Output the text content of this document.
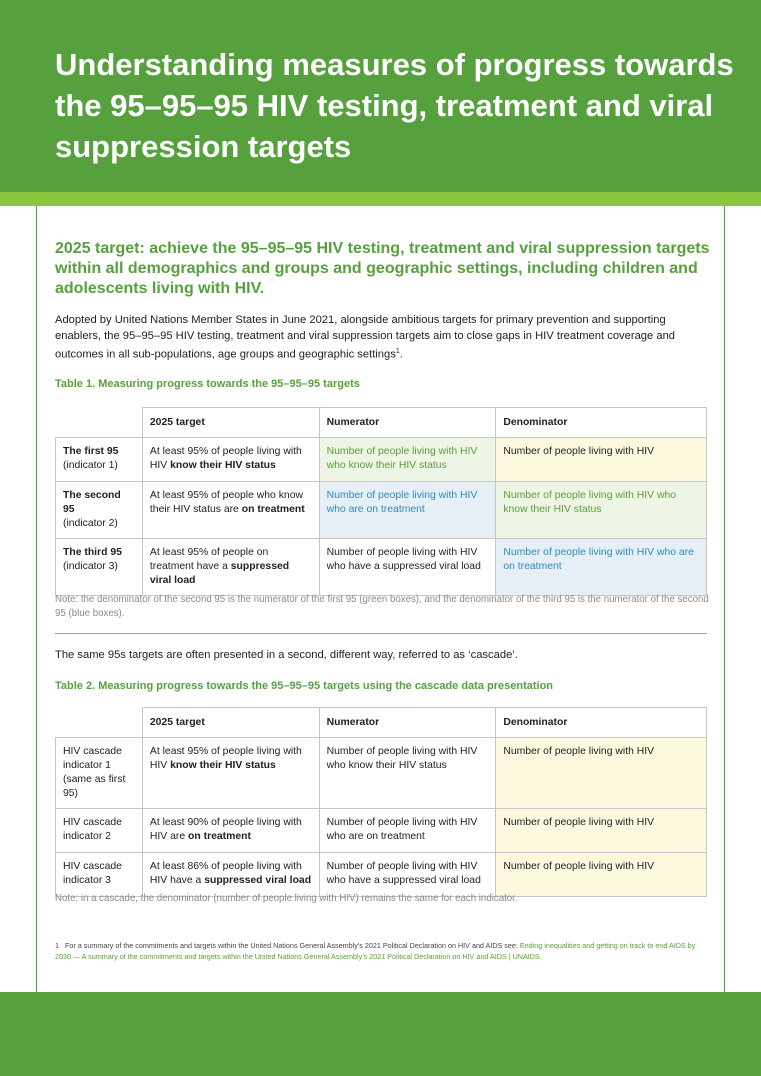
Understanding measures of progress towards the 95–95–95 HIV testing, treatment and viral suppression targets
2025 target: achieve the 95–95–95 HIV testing, treatment and viral suppression targets within all demographics and groups and geographic settings, including children and adolescents living with HIV.

Adopted by United Nations Member States in June 2021, alongside ambitious targets for primary prevention and supporting enablers, the 95–95–95 HIV testing, treatment and viral suppression targets aim to close gaps in HIV treatment coverage and outcomes in all sub-populations, age groups and geographic settings$^1$.

Table 1. Measuring progress towards the 95–95–95 targets
	2025 target	Numerator	Denominator

The first 95
(indicator 1)	At least 95% of people living with HIV know their HIV status	Number of people living with HIV who know their HIV status	Number of people living with HIV

The second 95
(indicator 2)	At least 95% of people who know their HIV status are on treatment	Number of people living with HIV who are on treatment	Number of people living with HIV who know their HIV status

The third 95
(indicator 3)	At least 95% of people on treatment have a suppressed viral load	Number of people living with HIV who have a suppressed viral load	Number of people living with HIV who are on treatment

Note: the denominator of the second 95 is the numerator of the first 95 (green boxes), and the denominator of the third 95 is the numerator of the second 95 (blue boxes).

The same 95s targets are often presented in a second, different way, referred to as ‘cascade’.

Table 2. Measuring progress towards the 95–95–95 targets using the cascade data presentation
	2025 target	Numerator	Denominator
HIV cascade indicator 1 (same as first 95)	At least 95% of people living with HIV know their HIV status	Number of people living with HIV who know their HIV status	Number of people living with HIV
HIV cascade indicator 2	At least 90% of people living with HIV are on treatment	Number of people living with HIV who are on treatment	Number of people living with HIV
HIV cascade indicator 3	At least 86% of people living with HIV have a suppressed viral load	Number of people living with HIV who have a suppressed viral load	Number of people living with HIV

Note: in a cascade, the denominator (number of people living with HIV) remains the same for each indicator.

1 For a summary of the commitments and targets within the United Nations General Assembly’s 2021 Political Declaration on HIV and AIDS see: Ending inequalities and getting on track to end AIDS by 2030 — A summary of the commitments and targets within the United Nations General Assembly’s 2021 Political Declaration on HIV and AIDS | UNAIDS.
